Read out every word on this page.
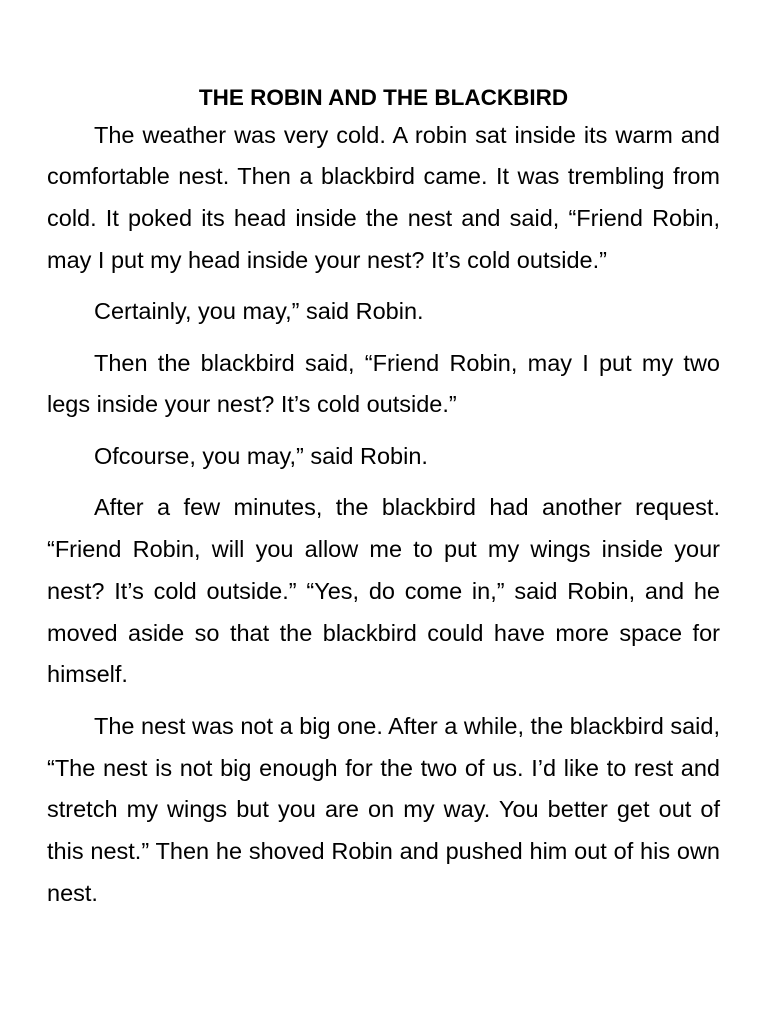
THE ROBIN AND THE BLACKBIRD

The weather was very cold. A robin sat inside its warm and comfortable nest. Then a blackbird came. It was trembling from cold. It poked its head inside the nest and said, “Friend Robin, may I put my head inside your nest? It’s cold outside.”

Certainly, you may,” said Robin.

Then the blackbird said, “Friend Robin, may I put my two legs inside your nest? It’s cold outside.”

Ofcourse, you may,” said Robin.

After a few minutes, the blackbird had another request. “Friend Robin, will you allow me to put my wings inside your nest? It’s cold outside.” “Yes, do come in,” said Robin, and he moved aside so that the blackbird could have more space for himself.

The nest was not a big one. After a while, the blackbird said, “The nest is not big enough for the two of us. I’d like to rest and stretch my wings but you are on my way. You better get out of this nest.” Then he shoved Robin and pushed him out of his own nest.
